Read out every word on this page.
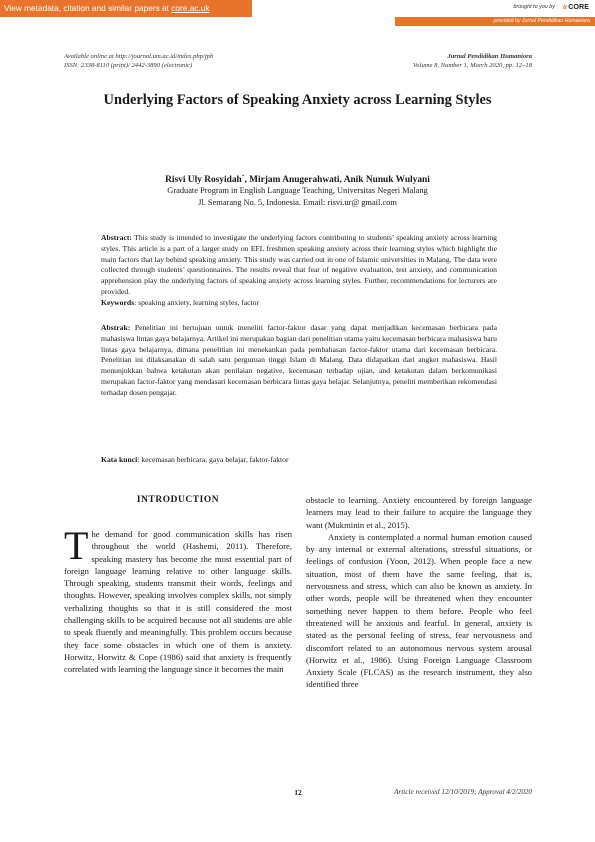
View metadata, citation and similar papers at core.ac.uk	brought to you by ✰CORE
provided by Jurnal Pendidikan Humaniora
Available online at http://journal.um.ac.id/index.php/jph
ISSN: 2338-8110 (print)/ 2442-3890 (electronic)
Jurnal Pendidikan Humaniora
Volume 8, Number 1, March 2020, pp. 12–18
Underlying Factors of Speaking Anxiety across Learning Styles
Risvi Uly Rosyidah*, Mirjam Anugerahwati, Anik Nunuk Wulyani
Graduate Program in English Language Teaching, Universitas Negeri Malang
Jl. Semarang No. 5, Indonesia. Email: risvi.ur@ gmail.com
Abstract: This study is intended to investigate the underlying factors contributing to students’ speaking anxiety across learning styles. This article is a part of a larger study on EFL freshmen speaking anxiety across their learning styles which highlight the main factors that lay behind speaking anxiety. This study was carried out in one of Islamic universities in Malang. The data were collected through students’ questionnaires. The results reveal that fear of negative evaluation, test anxiety, and communication apprehension play the underlying factors of speaking anxiety across learning styles. Further, recommendations for lecturers are provided.
Keywords: speaking anxiety, learning styles, factor
Abstrak: Penelitian ini bertujuan untuk meneliti factor-faktor dasar yang dapat menjadikan kecemasan berbicara pada mahasiswa lintas gaya belajarnya. Artikel ini merupakan bagian dari penelitian utama yaitu kecemasan berbicara mahasiswa baru lintas gaya belajarnya, dimana penelitian ini menekankan pada pembahasan factor-faktor utama dari kecemasan berbicara. Penelitian ini dilaksanakan di salah satu perguruan tinggi Islam di Malang. Data didapatkan dari angket mahasiswa. Hasil menunjukkan bahwa ketakutan akan penilaian negative, kecemasan terhadap ujian, and ketakutan dalam berkomunikasi merupakan factor-faktor yang mendasari kecemasan berbicara lintas gaya belajar. Selanjutnya, peneliti memberikan rekomendasi terhadap dosen pengajar.
Kata kunci: kecemasan berbicara, gaya belajar, faktor-faktor
INTRODUCTION
The demand for good communication skills has risen throughout the world (Hashemi, 2011). Therefore, speaking mastery has become the most essential part of foreign language learning relative to other language skills. Through speaking, students transmit their words, feelings and thoughts. However, speaking involves complex skills, not simply verbalizing thoughts so that it is still considered the most challenging skills to be acquired because not all students are able to speak fluently and meaningfully. This problem occurs because they face some obstacles in which one of them is anxiety. Horwitz, Horwitz & Cope (1986) said that anxiety is frequently correlated with learning the language since it becomes the main
obstacle to learning. Anxiety encountered by foreign language learners may lead to their failure to acquire the language they want (Mukminin et al., 2015).
Anxiety is contemplated a normal human emotion caused by any internal or external alterations, stressful situations, or feelings of confusion (Yoon, 2012). When people face a new situation, most of them have the same feeling, that is, nervousness and stress, which can also be known as anxiety. In other words, people will be threatened when they encounter something never happen to them before. People who feel threatened will be anxious and fearful. In general, anxiety is stated as the personal feeling of stress, fear nervousness and discomfort related to an autonomous nervous system arousal (Horwitz et al., 1986). Using Foreign Language Classroom Anxiety Scale (FLCAS) as the research instrument, they also identified three
12	Article received 12/10/2019; Approval 4/2/2020
